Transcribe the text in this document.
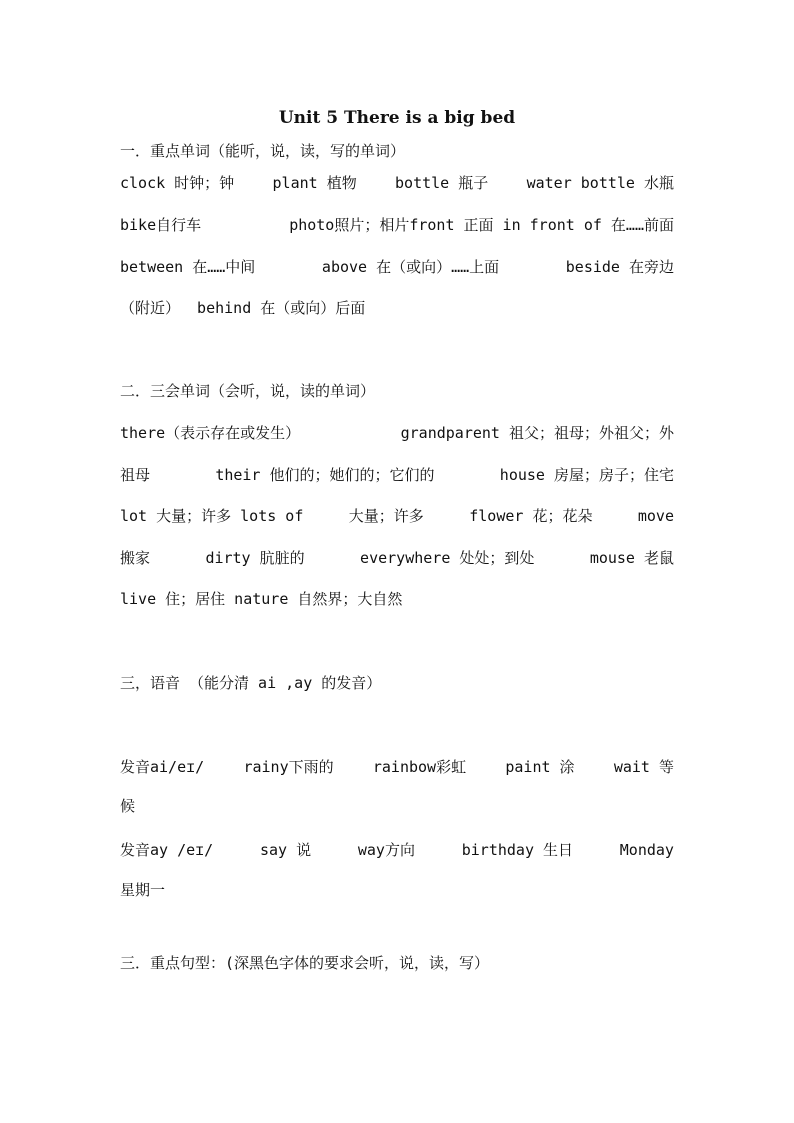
Unit 5 There is a big bed
一．重点单词（能听，说，读，写的单词）
clock 时钟；钟	plant 植物	bottle 瓶子	water bottle 水瓶
bike自行车	photo照片；相片front 正面 in front of 在……前面
between 在……中间	above 在（或向）……上面	beside 在旁边
（附近） behind 在（或向）后面
二．三会单词（会听，说，读的单词）
there（表示存在或发生）	grandparent 祖父；祖母；外祖父；外
祖母	their 他们的；她们的；它们的	house 房屋；房子；住宅
lot 大量；许多 lots of	大量；许多	flower 花；花朵	move
搬家	dirty 肮脏的	everywhere 处处；到处	mouse 老鼠
live 住；居住 nature 自然界；大自然
三，语音 （能分清 ai ,ay 的发音）
发音ai/eɪ/	rainy下雨的	rainbow彩虹	paint 涂	wait 等
候
发音ay /eɪ/	say 说	way方向	birthday 生日	Monday
星期一
三．重点句型：(深黑色字体的要求会听，说，读，写）
